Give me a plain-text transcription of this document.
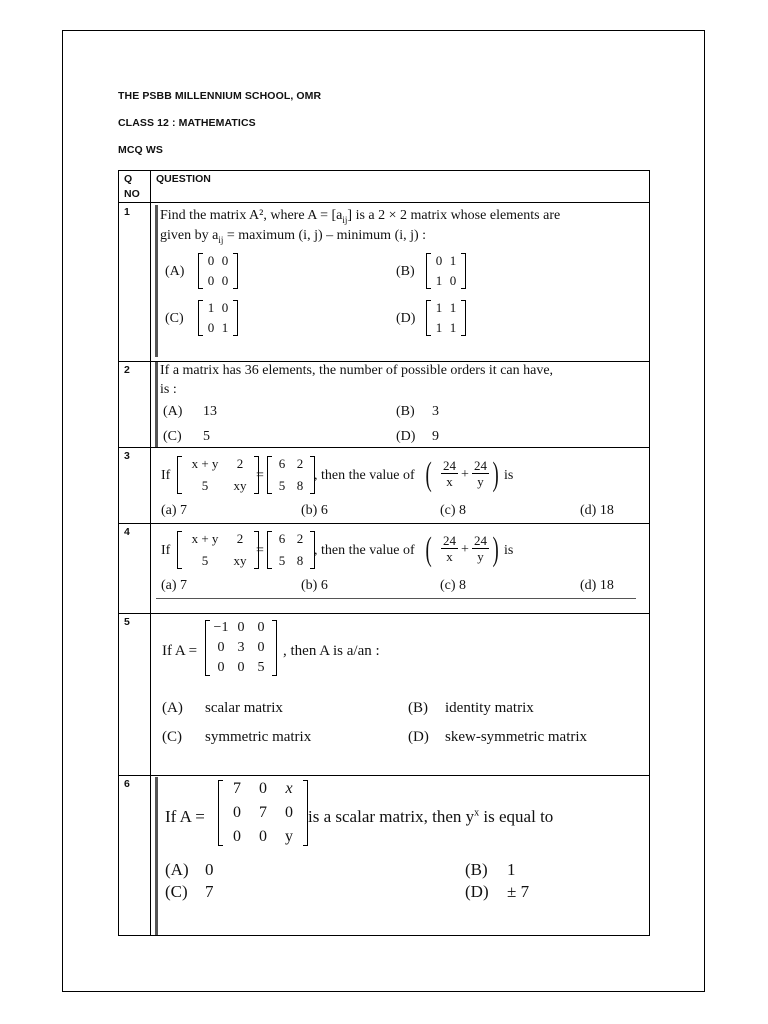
THE PSBB MILLENNIUM SCHOOL, OMR
CLASS 12 : MATHEMATICS
MCQ WS
Q
NO
QUESTION
1 Find the matrix A², where $A = [a_{ij}]$ is a 2 × 2 matrix whose elements are
given by $a_{ij}$ = maximum (i, j) – minimum (i, j) :
(A)
0 0
0 0
(B)
0 1
1 0
(C)
1 0
0 1
(D)
1 1
1 1
2 If a matrix has 36 elements, the number of possible orders it can have,
is :
(A) 13	(B) 3
(C) 5	(D) 9
3
If
x + y	2
5	xy
=
6 2
5 8
, then the value of ( $\frac{24}{x} + \frac{24}{y}$ ) is
(a) 7	(b) 6	(c) 8	(d) 18
4
If
x + y	2
5	xy
=
6 2
5 8
, then the value of ( $\frac{24}{x} + \frac{24}{y}$ ) is
(a) 7	(b) 6	(c) 8	(d) 18
5
If A =
−1 0 0
0 3 0
0 0 5
, then A is a/an :
(A) scalar matrix	(B) identity matrix
(C) symmetric matrix	(D) skew-symmetric matrix
6
If A =
7	0	x
0	7	0
0	0	y
is a scalar matrix, then $y^x$ is equal to
(A) 0	(B) 1
(C) 7	(D) ± 7
